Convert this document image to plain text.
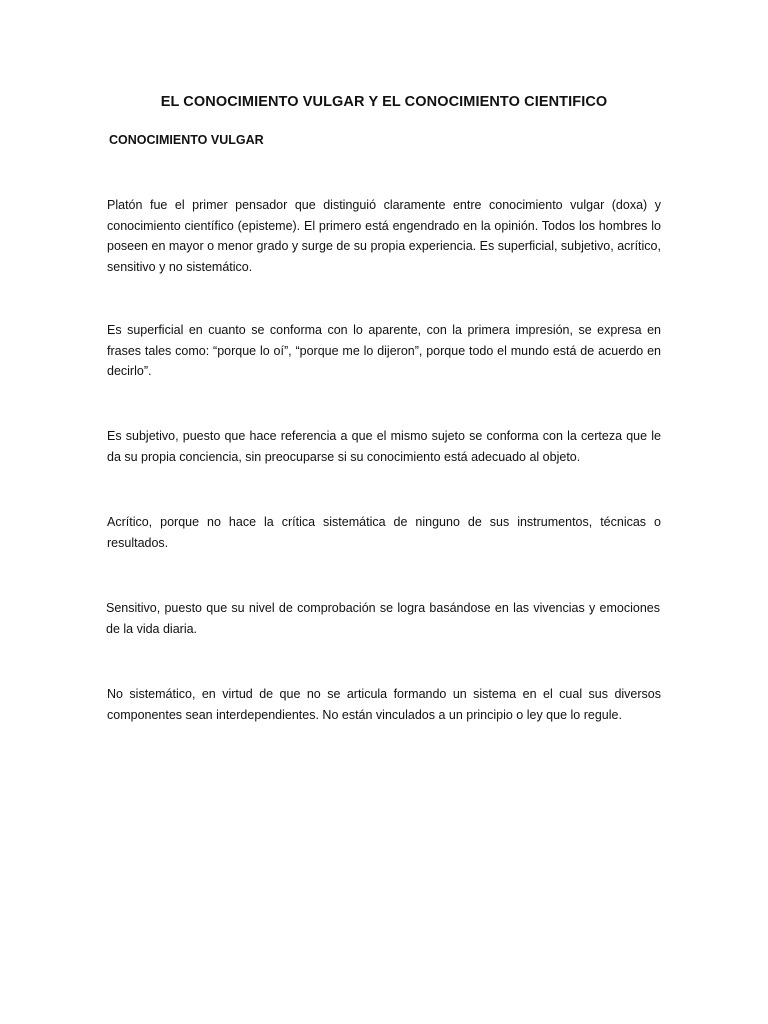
EL CONOCIMIENTO VULGAR Y EL CONOCIMIENTO CIENTIFICO
CONOCIMIENTO VULGAR
Platón fue el primer pensador que distinguió claramente entre conocimiento vulgar (doxa) y conocimiento científico (episteme). El primero está engendrado en la opinión. Todos los hombres lo poseen en mayor o menor grado y surge de su propia experiencia. Es superficial, subjetivo, acrítico, sensitivo y no sistemático.
Es superficial en cuanto se conforma con lo aparente, con la primera impresión, se expresa en frases tales como: “porque lo oí”, “porque me lo dijeron”, porque todo el mundo está de acuerdo en decirlo”.
Es subjetivo, puesto que hace referencia a que el mismo sujeto se conforma con la certeza que le da su propia conciencia, sin preocuparse si su conocimiento está adecuado al objeto.
Acrítico, porque no hace la crítica sistemática de ninguno de sus instrumentos, técnicas o resultados.
Sensitivo, puesto que su nivel de comprobación se logra basándose en las vivencias y emociones de la vida diaria.
No sistemático, en virtud de que no se articula formando un sistema en el cual sus diversos componentes sean interdependientes. No están vinculados a un principio o ley que lo regule.
